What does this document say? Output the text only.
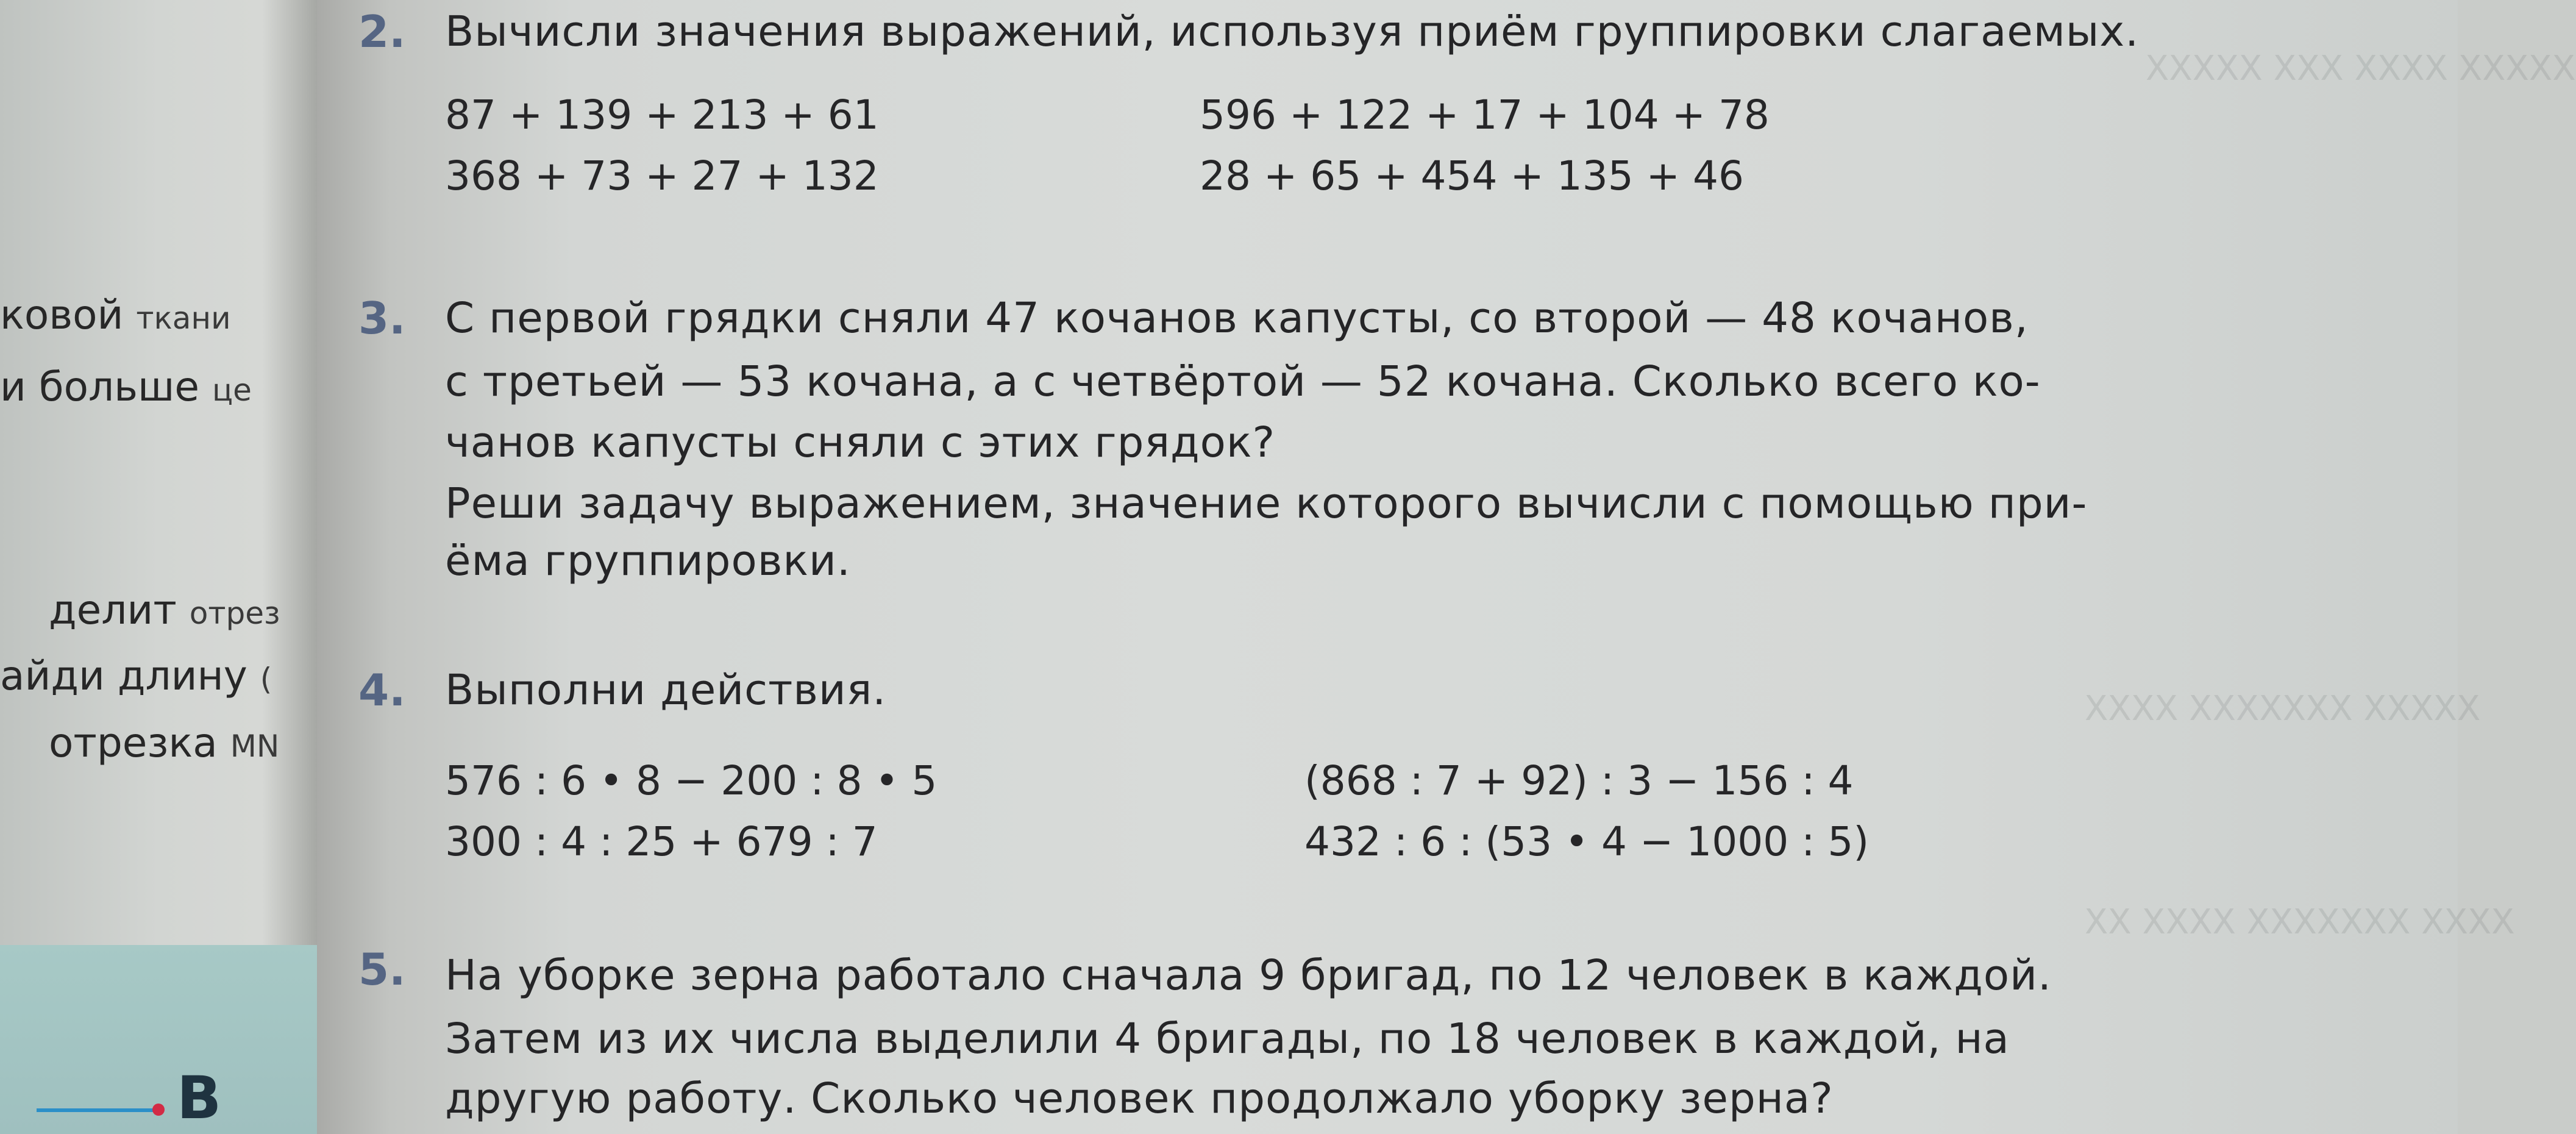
ковой ткани
и больше це
делит отрез
айди длину (
отрезка MN
В
ХХХХХ ХХХХ ХХХ ХХХХХ
ХХХХХ ХХХХХХХ ХХХХ
ХХХХ ХХХХХХХ ХХХХ ХХ
2. Вычисли значения выражений, используя приём группировки слагаемых.
87 + 139 + 213 + 61
368 + 73 + 27 + 132
596 + 122 + 17 + 104 + 78
28 + 65 + 454 + 135 + 46
3. С первой грядки сняли 47 кочанов капусты, со второй — 48 кочанов,
с третьей — 53 кочана, а с четвёртой — 52 кочана. Сколько всего ко-
чанов капусты сняли с этих грядок?
Реши задачу выражением, значение которого вычисли с помощью при-
ёма группировки.
4. Выполни действия.
576 : 6 • 8 − 200 : 8 • 5
300 : 4 : 25 + 679 : 7
(868 : 7 + 92) : 3 − 156 : 4
432 : 6 : (53 • 4 − 1000 : 5)
5. На уборке зерна работало сначала 9 бригад, по 12 человек в каждой.
Затем из их числа выделили 4 бригады, по 18 человек в каждой, на
другую работу. Сколько человек продолжало уборку зерна?
